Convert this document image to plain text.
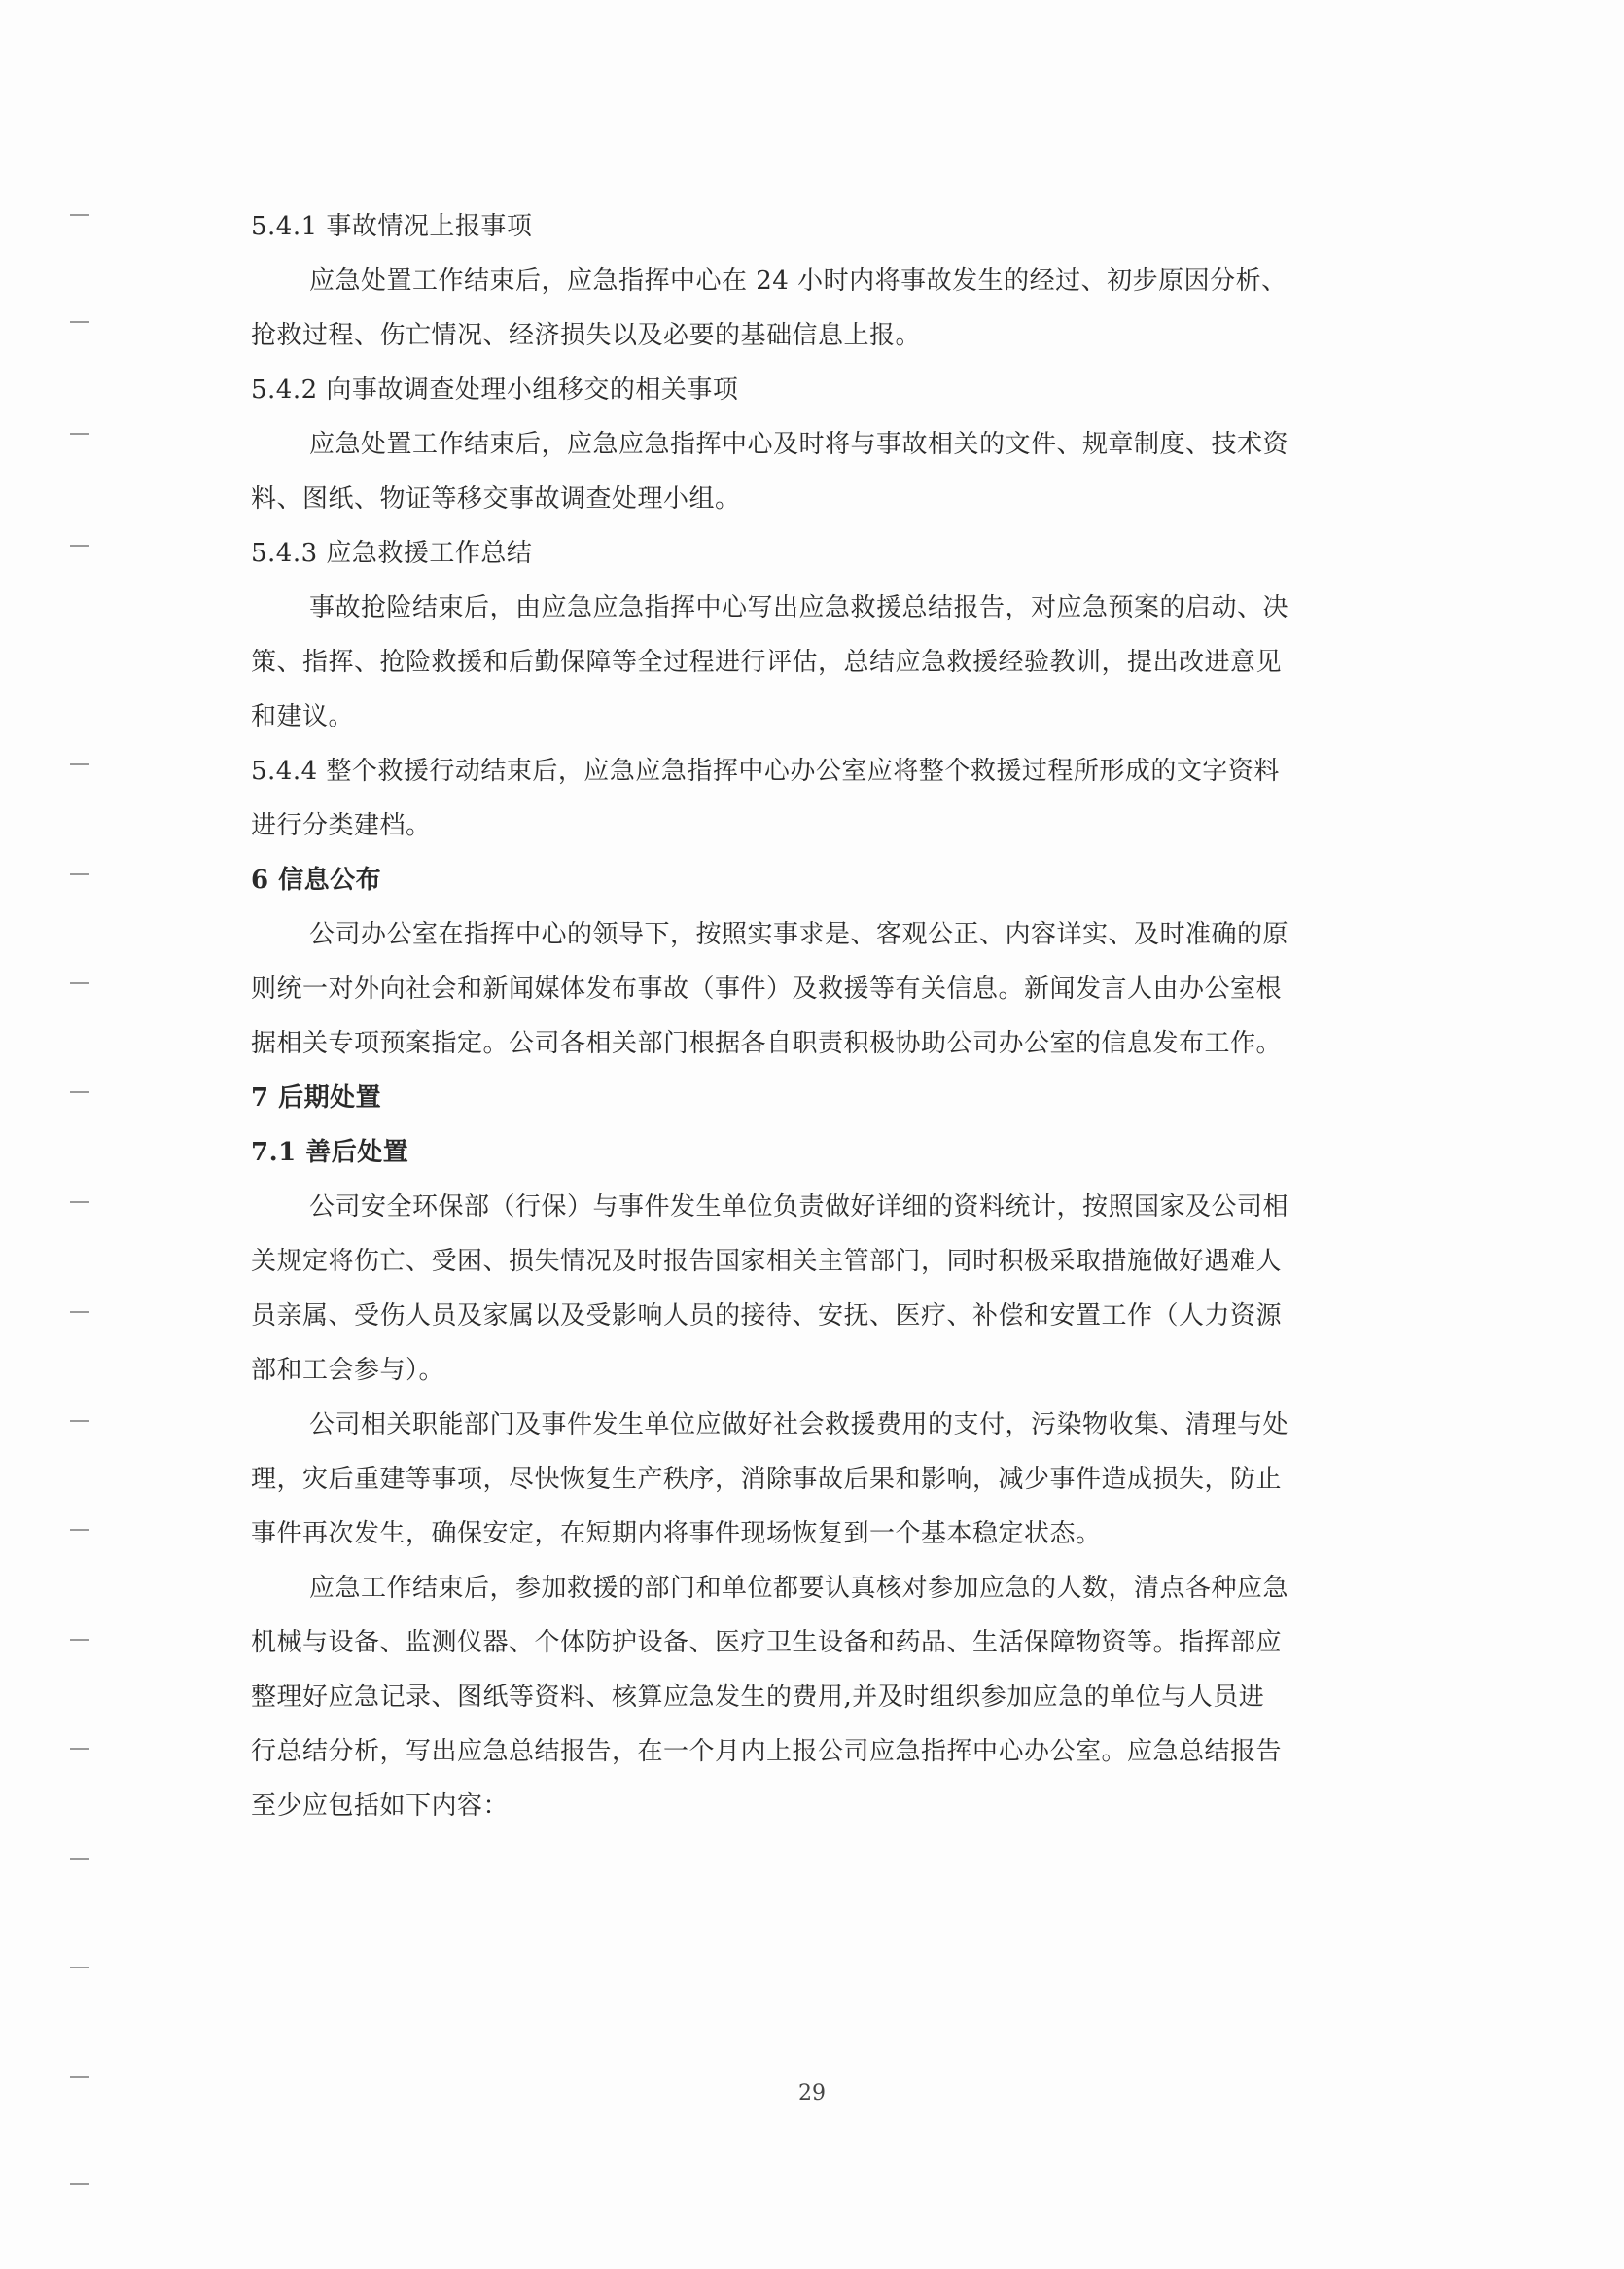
5.4.1 事故情况上报事项
应急处置工作结束后，应急指挥中心在 24 小时内将事故发生的经过、初步原因分析、
抢救过程、伤亡情况、经济损失以及必要的基础信息上报。
5.4.2 向事故调查处理小组移交的相关事项
应急处置工作结束后，应急应急指挥中心及时将与事故相关的文件、规章制度、技术资
料、图纸、物证等移交事故调查处理小组。
5.4.3 应急救援工作总结
事故抢险结束后，由应急应急指挥中心写出应急救援总结报告，对应急预案的启动、决
策、指挥、抢险救援和后勤保障等全过程进行评估，总结应急救援经验教训，提出改进意见
和建议。
5.4.4 整个救援行动结束后，应急应急指挥中心办公室应将整个救援过程所形成的文字资料
进行分类建档。
6 信息公布
公司办公室在指挥中心的领导下，按照实事求是、客观公正、内容详实、及时准确的原
则统一对外向社会和新闻媒体发布事故（事件）及救援等有关信息。新闻发言人由办公室根
据相关专项预案指定。公司各相关部门根据各自职责积极协助公司办公室的信息发布工作。
7 后期处置
7.1 善后处置
公司安全环保部（行保）与事件发生单位负责做好详细的资料统计，按照国家及公司相
关规定将伤亡、受困、损失情况及时报告国家相关主管部门，同时积极采取措施做好遇难人
员亲属、受伤人员及家属以及受影响人员的接待、安抚、医疗、补偿和安置工作（人力资源
部和工会参与）。
公司相关职能部门及事件发生单位应做好社会救援费用的支付，污染物收集、清理与处
理，灾后重建等事项，尽快恢复生产秩序，消除事故后果和影响，减少事件造成损失，防止
事件再次发生，确保安定，在短期内将事件现场恢复到一个基本稳定状态。
应急工作结束后，参加救援的部门和单位都要认真核对参加应急的人数，清点各种应急
机械与设备、监测仪器、个体防护设备、医疗卫生设备和药品、生活保障物资等。指挥部应
整理好应急记录、图纸等资料、核算应急发生的费用,并及时组织参加应急的单位与人员进
行总结分析，写出应急总结报告，在一个月内上报公司应急指挥中心办公室。应急总结报告
至少应包括如下内容：
29
